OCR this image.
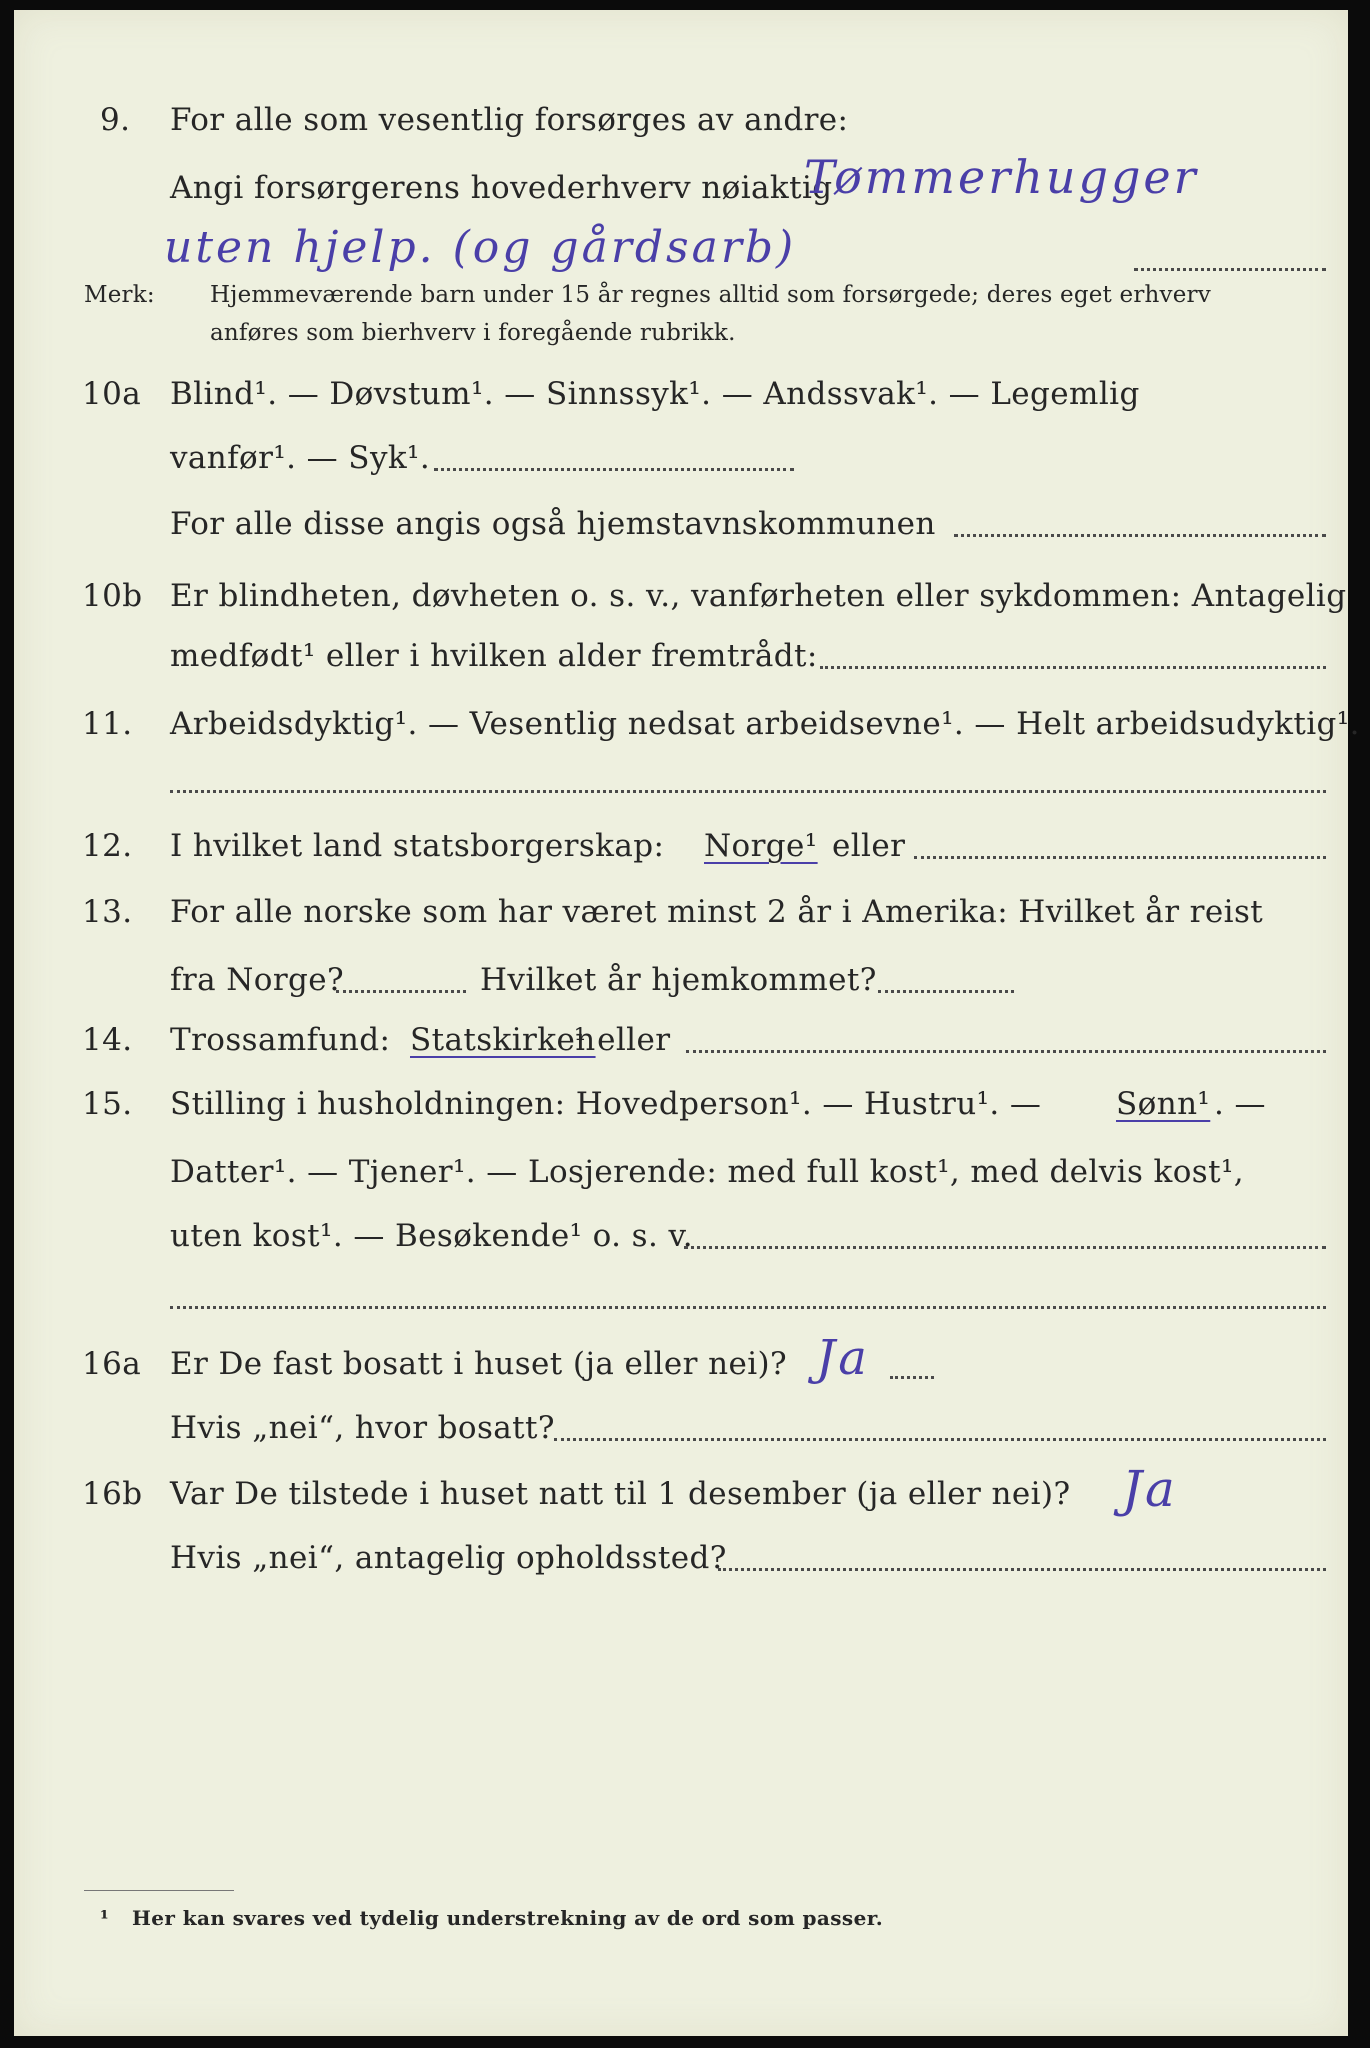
9. For alle som vesentlig forsørges av andre:
Angi forsørgerens hovederhverv nøiaktig
Tømmerhugger
uten hjelp. (og gårdsarb)
Merk: Hjemmeværende barn under 15 år regnes alltid som forsørgede; deres eget erhverv
anføres som bierhverv i foregående rubrikk.
10a Blind¹. — Døvstum¹. — Sinnssyk¹. — Andssvak¹. — Legemlig
vanfør¹. — Syk¹.
For alle disse angis også hjemstavnskommunen
10b Er blindheten, døvheten o. s. v., vanførheten eller sykdommen: Antagelig
medfødt¹ eller i hvilken alder fremtrådt:
11. Arbeidsdyktig¹. — Vesentlig nedsat arbeidsevne¹. — Helt arbeidsudyktig¹.
12. I hvilket land statsborgerskap: Norge¹ eller
13. For alle norske som har været minst 2 år i Amerika: Hvilket år reist
fra Norge?	Hvilket år hjemkommet?
14. Trossamfund: Statskirken
¹ eller
15. Stilling i husholdningen: Hovedperson¹. — Hustru¹. — Sønn¹ . —
Datter¹. — Tjener¹. — Losjerende: med full kost¹, med delvis kost¹,
uten kost¹. — Besøkende¹ o. s. v.
16a Er De fast bosatt i huset (ja eller nei)? Ja
Hvis „nei“, hvor bosatt?
16b Var De tilstede i huset natt til 1 desember (ja eller nei)? Ja
Hvis „nei“, antagelig opholdssted?
¹ Her kan svares ved tydelig understrekning av de ord som passer.
